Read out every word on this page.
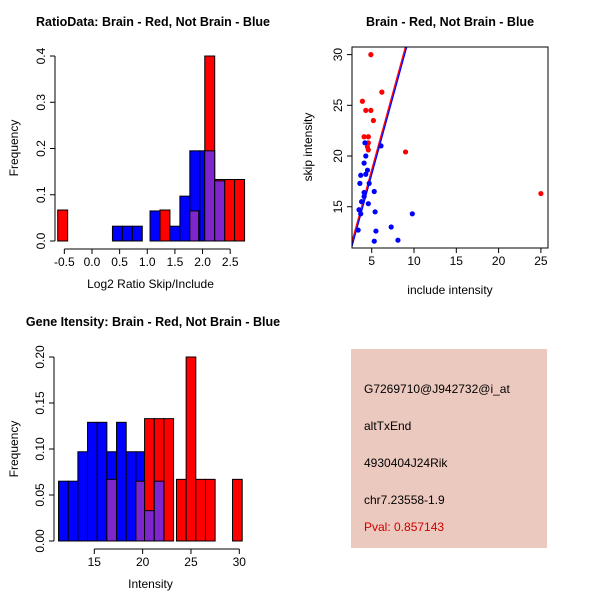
-0.5 0.0 0.5 1.0 1.5 2.0 2.5
0.0
0.1
0.2
0.3
0.4
5	10 15 20 25
15
20
25
30
15	20	25	30
0.00
0.05
0.10
0.15
0.20
RatioData: Brain - Red, Not Brain - Blue
Log2 Ratio Skip/Include
Frequency
Brain - Red, Not Brain - Blue
include intensity
skip intensity
Gene Itensity: Brain - Red, Not Brain - Blue
Intensity
Frequency
G7269710@J942732@i_at
altTxEnd
4930404J24Rik
chr7.23558-1.9
Pval: 0.857143
